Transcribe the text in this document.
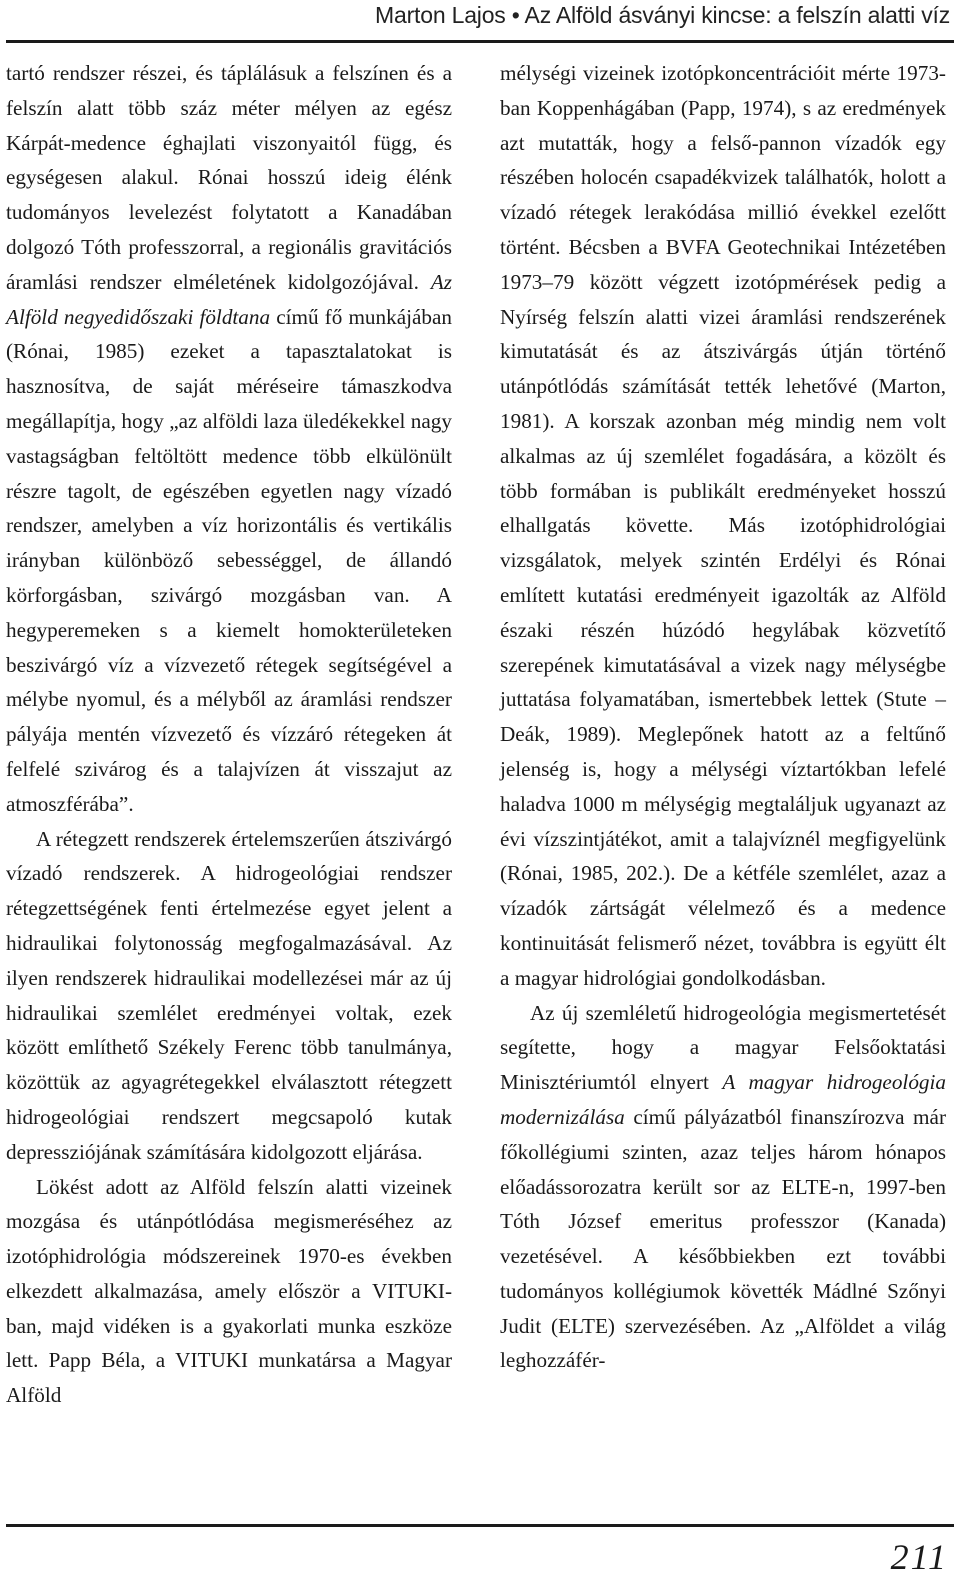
Marton Lajos • Az Alföld ásványi kincse: a felszín alatti víz

tartó rendszer részei, és táplálásuk a felszínen és a felszín alatt több száz méter mélyen az egész Kárpát-medence éghajlati viszonyaitól függ, és egységesen alakul. Rónai hosszú ideig élénk tudományos levelezést folytatott a Kanadában dolgozó Tóth professzorral, a regionális gravitációs áramlási rendszer elméletének kidolgozójával. Az Alföld negyedidőszaki földtana című fő munkájában (Rónai, 1985) ezeket a tapasztalatokat is hasznosítva, de saját méréseire támaszkodva megállapítja, hogy „az alföldi laza üledékekkel nagy vastagságban feltöltött medence több elkülönült részre tagolt, de egészében egyetlen nagy vízadó rendszer, amelyben a víz horizontális és vertikális irányban különböző sebességgel, de állandó körforgásban, szivárgó mozgásban van. A hegyperemeken s a kiemelt homokterületeken beszivárgó víz a vízvezető rétegek segítségével a mélybe nyomul, és a mélyből az áramlási rendszer pályája mentén vízvezető és vízzáró rétegeken át felfelé szivárog és a talajvízen át visszajut az atmoszférába”.

A rétegzett rendszerek értelemszerűen átszivárgó vízadó rendszerek. A hidrogeológiai rendszer rétegzettségének fenti értelmezése egyet jelent a hidraulikai folytonosság megfogalmazásával. Az ilyen rendszerek hidraulikai modellezései már az új hidraulikai szemlélet eredményei voltak, ezek között említhető Székely Ferenc több tanulmánya, közöttük az agyagrétegekkel elválasztott rétegzett hidrogeológiai rendszert megcsapoló kutak depressziójának számítására kidolgozott eljárása.

Lökést adott az Alföld felszín alatti vizeinek mozgása és utánpótlódása megismeréséhez az izotóphidrológia módszereinek 1970-es években elkezdett alkalmazása, amely először a VITUKI-ban, majd vidéken is a gyakorlati munka eszköze lett. Papp Béla, a VITUKI munkatársa a Magyar Alföld

mélységi vizeinek izotópkoncentrációit mérte 1973-ban Koppenhágában (Papp, 1974), s az eredmények azt mutatták, hogy a felső-pannon vízadók egy részében holocén csapadékvizek találhatók, holott a vízadó rétegek lerakódása millió évekkel ezelőtt történt. Bécsben a BVFA Geotechnikai Intézetében 1973–79 között végzett izotópmérések pedig a Nyírség felszín alatti vizei áramlási rendszerének kimutatását és az átszivárgás útján történő utánpótlódás számítását tették lehetővé (Marton, 1981). A korszak azonban még mindig nem volt alkalmas az új szemlélet fogadására, a közölt és több formában is publikált eredményeket hosszú elhallgatás követte. Más izotóphidrológiai vizsgálatok, melyek szintén Erdélyi és Rónai említett kutatási eredményeit igazolták az Alföld északi részén húzódó hegylábak közvetítő szerepének kimutatásával a vizek nagy mélységbe juttatása folyamatában, ismertebbek lettek (Stute – Deák, 1989). Meglepőnek hatott az a feltűnő jelenség is, hogy a mélységi víztartókban lefelé haladva 1000 m mélységig megtaláljuk ugyanazt az évi vízszintjátékot, amit a talajvíznél megfigyelünk (Rónai, 1985, 202.). De a kétféle szemlélet, azaz a vízadók zártságát vélelmező és a medence kontinuitását felismerő nézet, továbbra is együtt élt a magyar hidrológiai gondolkodásban.

Az új szemléletű hidrogeológia megismertetését segítette, hogy a magyar Felsőoktatási Minisztériumtól elnyert A magyar hidrogeológia modernizálása című pályázatból finanszírozva már főkollégiumi szinten, azaz teljes három hónapos előadássorozatra került sor az ELTE-n, 1997-ben Tóth József emeritus professzor (Kanada) vezetésével. A későbbiekben ezt további tudományos kollégiumok követték Mádlné Szőnyi Judit (ELTE) szervezésében. Az „Alföldet a világ leghozzáfér-

211
